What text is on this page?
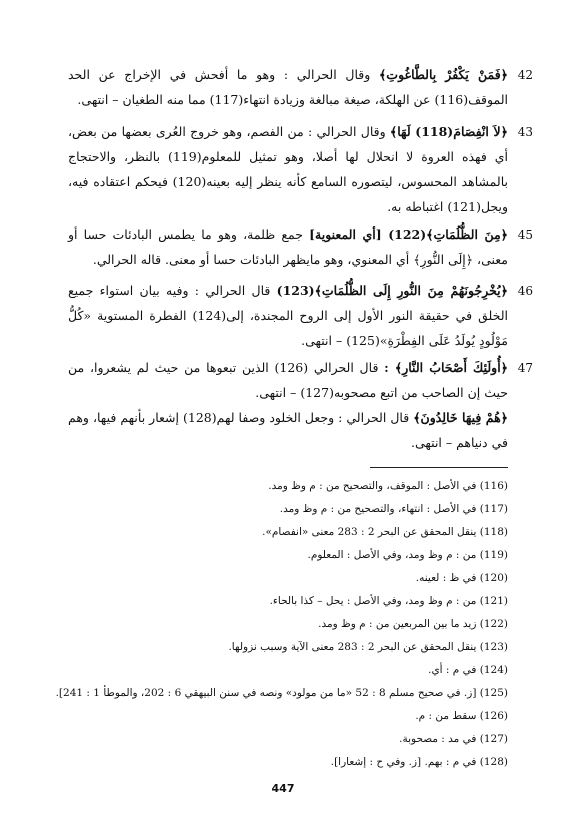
42
﴿فَمَنْ يَكْفُرْ بِالطَّاغُوتِ﴾ وقال الحرالي : وهو ما أفحش في الإخراج عن الحد الموقف(116) عن الهلكة، صيغة مبالغة وزيادة انتهاء(117) مما منه الطغيان – انتهى.
43
﴿لاَ انْفِصَامَ(118) لَهَا﴾ وقال الحرالي : من الفصم، وهو خروج العُرى بعضها من بعض، أي فهذه العروة لا انحلال لها أصلا، وهو تمثيل للمعلوم(119) بالنظر، والاحتجاج بالمشاهد المحسوس، ليتصوره السامع كأنه ينظر إليه بعينه(120) فيحكم اعتقاده فيه، ويجل(121) اغتباطه به.
45
﴿مِنَ الظُّلُمَاتِ﴾(122) [أي المعنوية] جمع ظلمة، وهو ما يطمس البادئات حسا أو معنى، ﴿إِلَى النُّورِ﴾ أي المعنوي، وهو مايظهر البادئات حسا أو معنى. قاله الحرالي.
46
﴿يُخْرِجُونَهُمْ مِنَ النُّورِ إِلَى الظُّلُمَاتِ﴾(123) قال الحرالي : وفيه بيان استواء جميع الخلق في حقيقة النور الأول إلى الروح المجندة، إلى(124) الفطرة المستوية «كُلُّ مَوْلُودٍ يُولَدُ عَلَى الفِطْرَةِ»(125) – انتهى.
47
﴿أُولَئِكَ أَصْحَابُ النَّارِ﴾ : قال الحرالي (126) الذين تبعوها من حيث لم يشعروا، من حيث إن الصاحب من اتبع مصحوبه(127) – انتهى.
﴿هُمْ فِيهَا خَالِدُونَ﴾ قال الحرالي : وجعل الخلود وصفا لهم(128) إشعار بأنهم فيها، وهم في دنياهم – انتهى.
(116) في الأصل : الموقف، والتصحيح من : م وظ ومد.
(117) في الأصل : انتهاء، والتصحيح من : م وظ ومد.
(118) ينقل المحقق عن البحر 2 : 283 معنى «انفصام».
(119) من : م وظ ومد، وفي الأصل : المعلوم.
(120) في ظ : لعينه.
(121) من : م وظ ومد، وفي الأصل : يحل – كذا بالحاء.
(122) زيد ما بين المربعين من : م وظ ومد.
(123) ينقل المحقق عن البحر 2 : 283 معنى الآية وسبب نزولها.
(124) في م : أي.
(125) [ز. في صحيح مسلم 8 : 52 «ما من مولود» ونصه في سنن البيهقي 6 : 202، والموطأ 1 : 241].
(126) سقط من : م.
(127) في مد : مصحوبة.
(128) في م : بهم. [ز. وفي ح : إشعارا].
447
